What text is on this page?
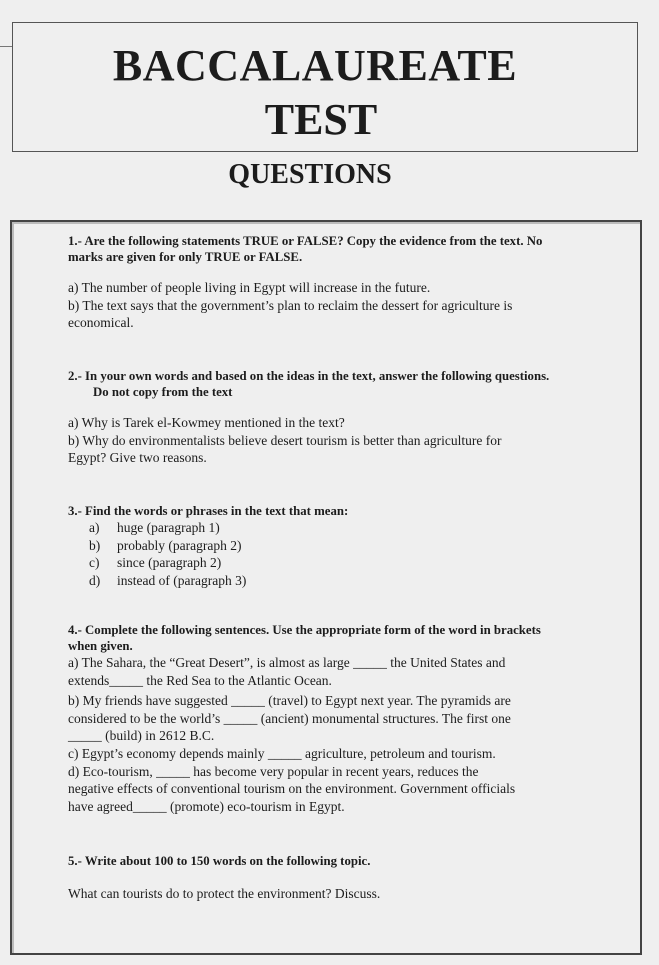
BACCALAUREATE
TEST
QUESTIONS

1.- Are the following statements TRUE or FALSE? Copy the evidence from the text. No

marks are given for only TRUE or FALSE.

a) The number of people living in Egypt will increase in the future.

b) The text says that the government’s plan to reclaim the dessert for agriculture is

economical.

2.- In your own words and based on the ideas in the text, answer the following questions.

Do not copy from the text

a) Why is Tarek el-Kowmey mentioned in the text?

b) Why do environmentalists believe desert tourism is better than agriculture for

Egypt? Give two reasons.

3.- Find the words or phrases in the text that mean:

a)	huge (paragraph 1)
b)	probably (paragraph 2)
c)	since (paragraph 2)
d)	instead of (paragraph 3)

4.- Complete the following sentences. Use the appropriate form of the word in brackets

when given.

a) The Sahara, the “Great Desert”, is almost as large _____ the United States and

extends_____ the Red Sea to the Atlantic Ocean.

b) My friends have suggested _____ (travel) to Egypt next year. The pyramids are

considered to be the world’s _____ (ancient) monumental structures. The first one

_____ (build) in 2612 B.C.

c) Egypt’s economy depends mainly _____ agriculture, petroleum and tourism.

d) Eco-tourism, _____ has become very popular in recent years, reduces the

negative effects of conventional tourism on the environment. Government officials

have agreed_____ (promote) eco-tourism in Egypt.

5.- Write about 100 to 150 words on the following topic.

What can tourists do to protect the environment? Discuss.
